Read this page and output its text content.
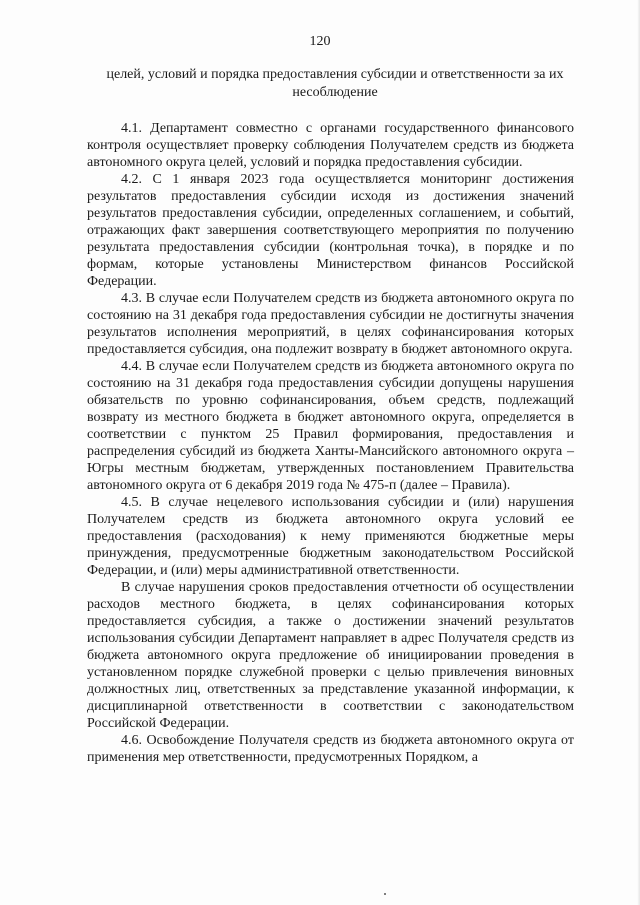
120
целей, условий и порядка предоставления субсидии и ответственности за их несоблюдение

4.1. Департамент совместно с органами государственного финансового контроля осуществляет проверку соблюдения Получателем средств из бюджета автономного округа целей, условий и порядка предоставления субсидии.

4.2. С 1 января 2023 года осуществляется мониторинг достижения результатов предоставления субсидии исходя из достижения значений результатов предоставления субсидии, определенных соглашением, и событий, отражающих факт завершения соответствующего мероприятия по получению результата предоставления субсидии (контрольная точка), в порядке и по формам, которые установлены Министерством финансов Российской Федерации.

4.3. В случае если Получателем средств из бюджета автономного округа по состоянию на 31 декабря года предоставления субсидии не достигнуты значения результатов исполнения мероприятий, в целях софинансирования которых предоставляется субсидия, она подлежит возврату в бюджет автономного округа.

4.4. В случае если Получателем средств из бюджета автономного округа по состоянию на 31 декабря года предоставления субсидии допущены нарушения обязательств по уровню софинансирования, объем средств, подлежащий возврату из местного бюджета в бюджет автономного округа, определяется в соответствии с пунктом 25 Правил формирования, предоставления и распределения субсидий из бюджета Ханты-Мансийского автономного округа – Югры местным бюджетам, утвержденных постановлением Правительства автономного округа от 6 декабря 2019 года № 475-п (далее – Правила).

4.5. В случае нецелевого использования субсидии и (или) нарушения Получателем средств из бюджета автономного округа условий ее предоставления (расходования) к нему применяются бюджетные меры принуждения, предусмотренные бюджетным законодательством Российской Федерации, и (или) меры административной ответственности.

В случае нарушения сроков предоставления отчетности об осуществлении расходов местного бюджета, в целях софинансирования которых предоставляется субсидия, а также о достижении значений результатов использования субсидии Департамент направляет в адрес Получателя средств из бюджета автономного округа предложение об инициировании проведения в установленном порядке служебной проверки с целью привлечения виновных должностных лиц, ответственных за представление указанной информации, к дисциплинарной ответственности в соответствии с законодательством Российской Федерации.

4.6. Освобождение Получателя средств из бюджета автономного округа от применения мер ответственности, предусмотренных Порядком, а
